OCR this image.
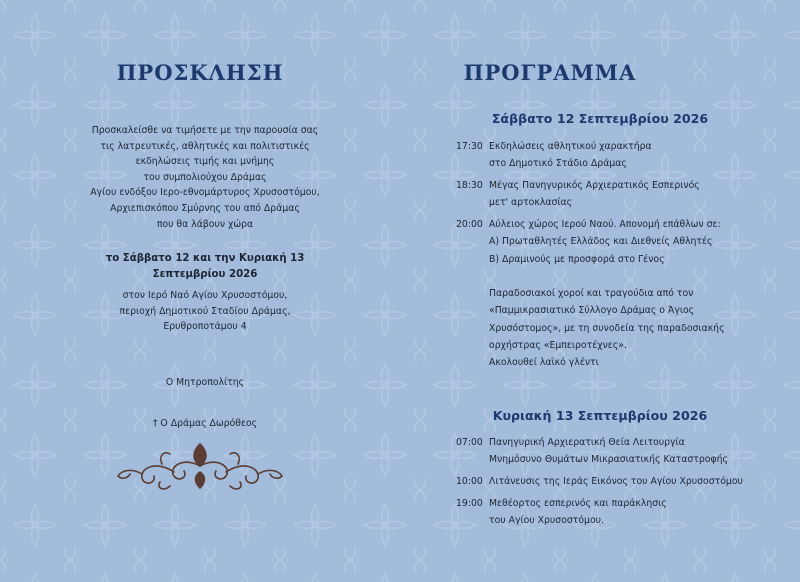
ΠΡΟΣΚΛΗΣΗ

Προσκαλείσθε να τιμήσετε με την παρουσία σας

τις λατρευτικές, αθλητικές και πολιτιστικές

εκδηλώσεις τιμής και μνήμης

του συμπολιούχου Δράμας

Αγίου ενδόξου Ιερο-εθνομάρτυρος Χρυσοστόμου,

Αρχιεπισκόπου Σμύρνης του από Δράμας

που θα λάβουν χώρα

το Σάββατο 12 και την Κυριακή 13

Σεπτεμβρίου 2026

στον Ιερό Ναό Αγίου Χρυσοστόμου,

περιοχή Δημοτικού Σταδίου Δράμας,

Ερυθροποτάμου 4

Ο Μητροπολίτης

† Ο Δράμας Δωρόθεος

ΠΡΟΓΡΑΜΜΑ
Σάββατο 12 Σεπτεμβρίου 2026
17:30 Εκδηλώσεις αθλητικού χαρακτήρα
στο Δημοτικό Στάδιο Δράμας
18:30 Μέγας Πανηγυρικός Αρχιερατικός Εσπερινός
μετ' αρτοκλασίας
20:00 Αύλειος χώρος Ιερού Ναού. Απονομή επάθλων σε:
Α) Πρωταθλητές Ελλάδος και Διεθνείς Αθλητές
Β) Δραμινούς με προσφορά στο Γένος
Παραδοσιακοί χοροί και τραγούδια από τον
«Παμμικρασιατικό Σύλλογο Δράμας ο Άγιος
Χρυσόστομος», με τη συνοδεία της παραδοσιακής
ορχήστρας «Εμπειροτέχνες».
Ακολουθεί λαϊκό γλέντι
Κυριακή 13 Σεπτεμβρίου 2026
07:00 Πανηγυρική Αρχιερατική Θεία Λειτουργία
Μνημόσυνο Θυμάτων Μικρασιατικής Καταστροφής
10:00 Λιτάνευσις της Ιεράς Εικόνος του Αγίου Χρυσοστόμου
19:00 Μεθέορτος εσπερινός και παράκλησις
του Αγίου Χρυσοστόμου.
